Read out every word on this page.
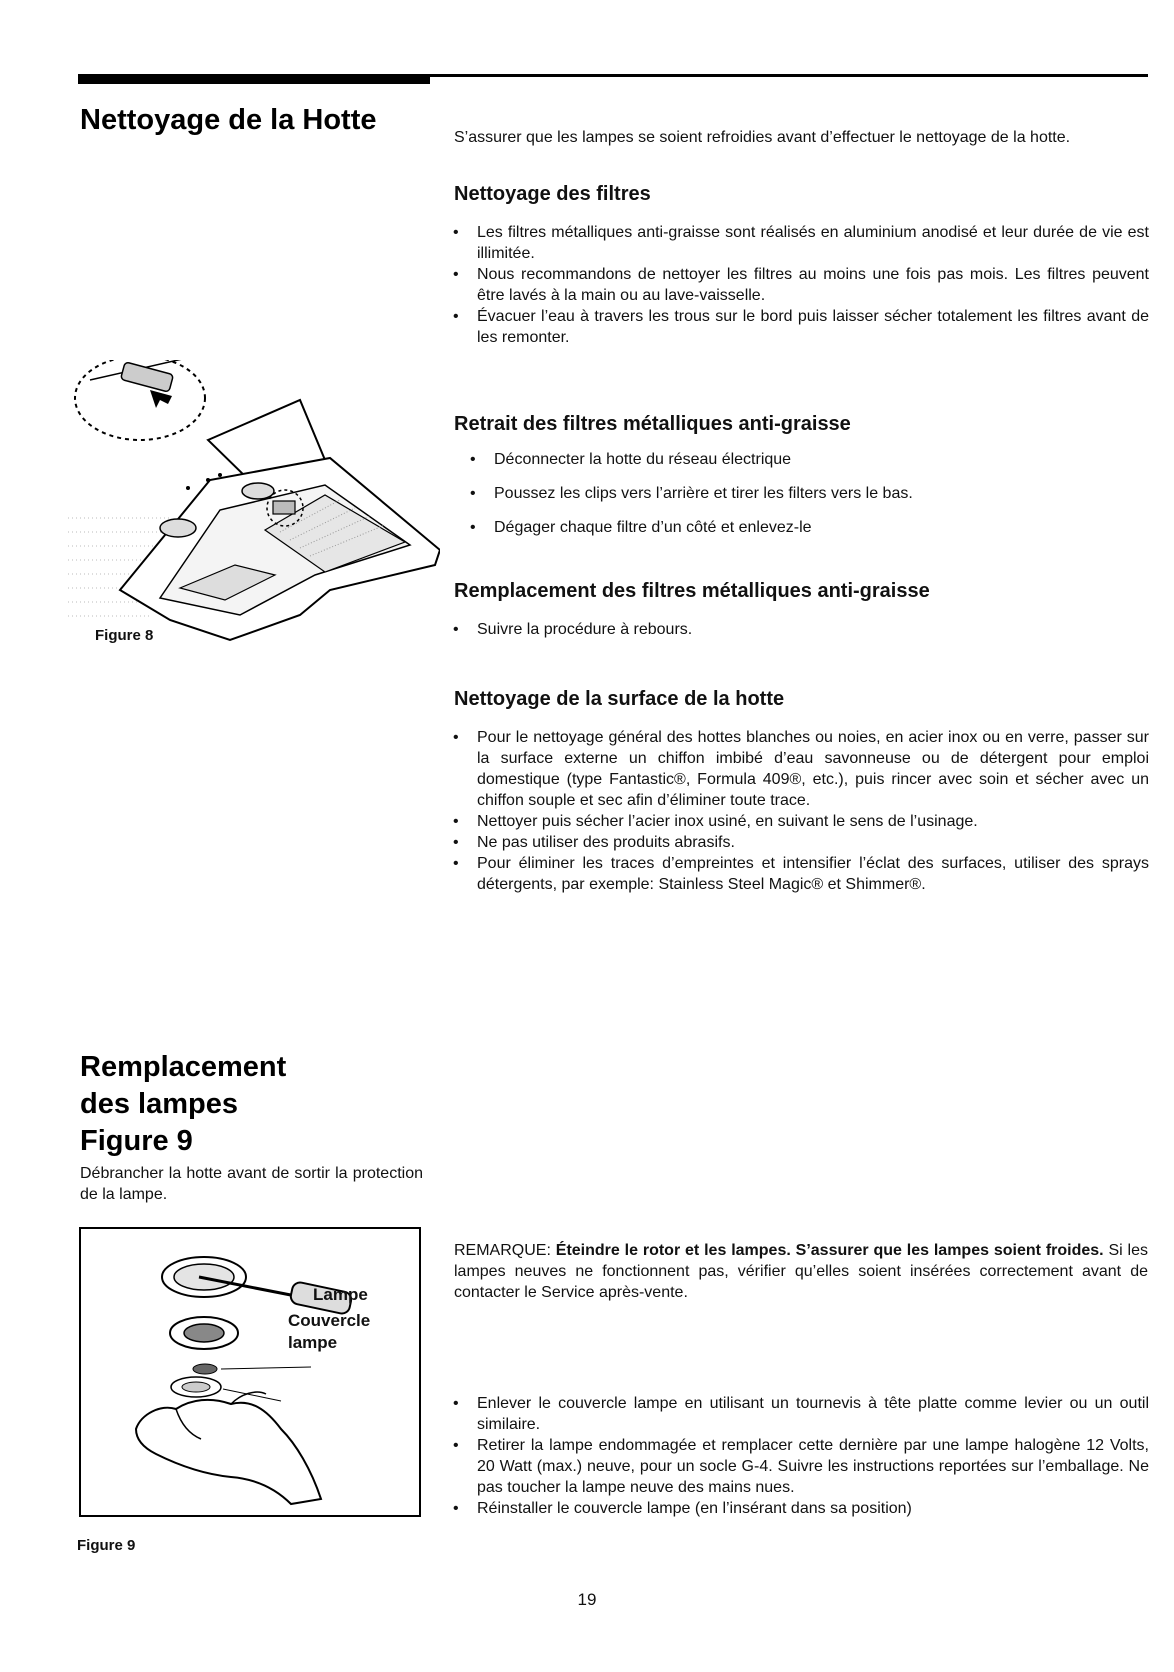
Nettoyage de la Hotte
S’assurer que les lampes se soient refroidies avant d’effectuer le nettoyage de la hotte.
Nettoyage des filtres
• Les filtres métalliques anti-graisse sont réalisés en aluminium anodisé et leur durée de vie est illimitée.
• Nous recommandons de nettoyer les filtres au moins une fois pas mois. Les filtres peuvent être lavés à la main ou au lave-vaisselle.
• Évacuer l’eau à travers les trous sur le bord puis laisser sécher totalement les filtres avant de les remonter.
Retrait des filtres métalliques anti-graisse
• Déconnecter la hotte du réseau électrique
• Poussez les clips vers l’arrière et tirer les filters vers le bas.
• Dégager chaque filtre d’un côté et enlevez-le
Remplacement des filtres métalliques anti-graisse
• Suivre la procédure à rebours.
Nettoyage de la surface de la hotte
• Pour le nettoyage général des hottes blanches ou noies, en acier inox ou en verre, passer sur la surface externe un chiffon imbibé d’eau savonneuse ou de détergent pour emploi domestique (type Fantastic®, Formula 409®, etc.), puis rincer avec soin et sécher avec un chiffon souple et sec afin d’éliminer toute trace.
• Nettoyer puis sécher l’acier inox usiné, en suivant le sens de l’usinage.
• Ne pas utiliser des produits abrasifs.
• Pour éliminer les traces d’empreintes et intensifier l’éclat des surfaces, utiliser des sprays détergents, par exemple: Stainless Steel Magic® et Shimmer®.
Figure 8
Remplacement
des lampes
Figure 9
Débrancher la hotte avant de sortir la protection de la lampe.
Lampe
Couvercle
lampe
Figure 9
REMARQUE: Éteindre le rotor et les lampes. S’assurer que les lampes soient froides. Si les lampes neuves ne fonctionnent pas, vérifier qu’elles soient insérées correctement avant de contacter le Service après-vente.
• Enlever le couvercle lampe en utilisant un tournevis à tête platte comme levier ou un outil similaire.
• Retirer la lampe endommagée et remplacer cette dernière par une lampe halogène 12 Volts, 20 Watt (max.) neuve, pour un socle G-4. Suivre les instructions reportées sur l’emballage. Ne pas toucher la lampe neuve des mains nues.
• Réinstaller le couvercle lampe (en l’insérant dans sa position)
19
